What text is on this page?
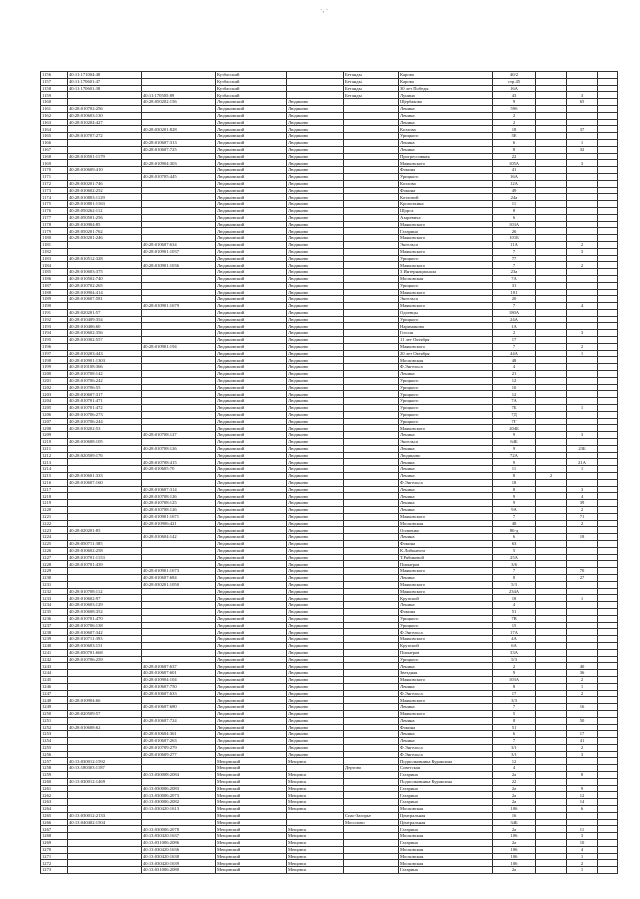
·, ·
1156	40:11:171004:48		Кузбасский		Бетанды	Карова	40/2			
1157	40:11:170601:47		Кузбасский		Бетанды	Карова	стр.45			
1158	40:11:170601:38		Кузбасский		Бетанды	30 лет Победы	16А			
1159		40:11:170505:89	Кузбасский		Бетанды	Лунина	43		3	
1160		40:28:050202:156	Людиновский	Людиново		Щербакова	9		65	
1161	40:28:010702:256		Людиновский	Людиново		Ленина	59б			
1162	40:28:010603:130		Людиновский	Людиново		Ленина	2			
1163	40:28:010204:427		Людиновский	Людиново		Ленина	2			
1164		40:28:030201:828	Людиновский	Людиново		Козлова	18		37	
1165	40:28:010707:272		Людиновский	Людиново		Урицкого	5Е			
1166		40:28:010607:313	Людиновский	Людиново		Ленина	6		1	
1167		40:28:010607:725	Людиновский	Людиново		Ленина	8		32	
1168	40:28:010501:1179		Людиновский	Людиново		Прогрессивная	22			
1169		40:28:010904:303	Людиновский	Людиново		Маяковского	105А		3	
1170	40:28:010609:410		Людиновский	Людиново		Фокина	41			
1171		40:28:010705:445	Людиновский	Людиново		Урицкого	16А			
1172	40:28:030201:746		Людиновский	Людиново		Козлова	12А			
1173	40:28:010602:252		Людиновский	Людиново		Фокина	49			
1174	40:28:010803:1129		Людиновский	Людиново		Козловой	24а			
1175	40:28:010801:1163		Людиновский	Людиново		Кропоткина	11			
1176	40:28:050262:112		Людиновский	Людиново		Щорса	8			
1177	40:28:050501:256		Людиновский	Людиново		Азаревича	6			
1178	40:28:010904:85		Людиновский	Людиново		Маяковского	103А			
1179	40:28:050201:762		Людиновский	Людиново		Гагарина	26			
1180	40:28:030201:246		Людиновский	Людиново		Маяковского	101Б			
1181		40:28:010607:634	Людиновский	Людиново		Энгельса	11А		2	
1182		40:28:010901:1037	Людиновский	Людиново		Маяковского	7		3	
1183	40:28:010512:328		Людиновский	Людиново		Урицкого	77			
1184		40:28:010901:1036	Людиновский	Людиново		Маяковского	7		2	
1185	40:28:010603:375		Людиновский	Людиново		3 Интернационала	23а			
1186	40:28:010502:740		Людиновский	Людиново		Московская	7А			
1187	40:28:010702:265		Людиновский	Людиново		Урицкого	31			
1188	40:28:010904:414		Людиновский	Людиново		Маяковского	101			
1189	40:28:010607:581		Людиновский	Людиново		Энгельса	20			
1190		40:28:010901:1679	Людиновский	Людиново		Маяковского	7		4	
1191	40:28:020201:57		Людиновский	Людиново		Одоевцы	180А			
1192	40:28:010409:354		Людиновский	Людиново		Урицкого	24А			
1193	40:28:010406:60		Людиновский	Людиново		Нариманова	1А			
1194	40:28:010602:356		Людиновский	Людиново		Гоголя	2		3	
1195	40:28:010302:557		Людиновский	Людиново		11 лет Октября	17			
1196		40:28:010901:194	Людиновский	Людиново		Маяковского	7		2	
1197	40:28:010203:443		Людиновский	Людиново		20 лет Октября	44А		1	
1198	40:28:010901:1303		Людиновский	Людиново		Московская	48			
1199	40:28:010108:366		Людиновский	Людиново		Ф.Энгельса	4			
1200	40:28:010708:142		Людиновский	Людиново		Ленина	21			
1201	40:28:010706:242		Людиновский	Людиново		Урицкого	12			
1202	40:28:010706:55		Людиновский	Людиново		Урицкого	10			
1203	40:28:010607:317		Людиновский	Людиново		Урицкого	12			
1204	40:28:010701:471		Людиновский	Людиново		Урицкого	7А			
1205	40:28:010701:472		Людиновский	Людиново		Урицкого	7Б		1	
1206	40:28:010706:273		Людиновский	Людиново		Урицкого	7Д			
1207	40:28:010706:244		Людиновский	Людиново		Урицкого	7Г			
1208	40:28:010202:53		Людиновский	Людиново		Маяковского	204Б			
1209		40:28:010708:127	Людиновский	Людиново		Ленина	9		3	
1210	40:28:010608:105		Людиновский	Людиново		Энгельса	64Б			
1211		40:28:010708:126	Людиновский	Людиново		Ленина	9		23Б	
1212	40:28:020509:176		Людиновский	Людиново		Людиново	72А			
1213		40:28:010708:415	Людиновский	Людиново		Ленина	9		21А	
1214		40:28:010605:70	Людиновский	Людиново		Ленина	11		1	
1215	40:28:010601:333		Людиновский	Людиново		Ленина	8	2		
1216	40:28:010607:160		Людиновский	Людиново		Ф.Энгельса	18			
1217		40:28:010607:314	Людиновский	Людиново		Ленина	8		3	
1218		40:28:010708:126	Людиновский	Людиново		Ленина	9		4	
1219		40:28:010708:125	Людиновский	Людиново		Ленина	9		39	
1220		40:28:010708:126	Людиновский	Людиново		Ленина	9А		2	
1221		40:28:010901:1671	Людиновский	Людиново		Маяковского	7		71	
1222		40:28:010906:421	Людиновский	Людиново		Московская	48		2	
1223	40:28:020201:85		Людиновский	Людиново		Осипенко	86-д			
1224		40:28:010604:142	Людиновский	Людиново		Ленина	6		18	
1225	40:28:050711:385		Людиновский	Людиново		Фокина	63			
1226	40:28:010602:258		Людиновский	Людиново		К.Либкнехта	5			
1227	40:28:010701:1153		Людиновский	Людиново		Т.Рябиковой	25А			
1228	40:28:010701:439		Людиновский	Людиново		Пионеров	3/6			
1229		40:28:010901:1673	Людиновский	Людиново		Маяковского	7		70	
1230		40:28:010607:684	Людиновский	Людиново		Ленина	8		27	
1231		40:28:030201:1050	Людиновский	Людиново		Маяковского	5/3			
1232	40:28:010708:112		Людиновский	Людиново		Маяковского	234А			
1233	40:28:010602:97		Людиновский	Людиново		Крупской	18		1	
1234	40:28:010603:129		Людиновский	Людиново		Ленина	4			
1235	40:28:010608:352		Людиновский	Людиново		Фокина	51			
1236	40:28:010701:470		Людиновский	Людиново		Урицкого	7В			
1237	40:28:010706:138		Людиновский	Людиново		Урицкого	15			
1238	40:28:010607:342		Людиновский	Людиново		Ф.Энгельса	17А			
1239	40:28:010711:393		Людиновский	Людиново		Маяковского	4А			
1240	40:28:010603:151		Людиновский	Людиново		Крупской	6А			
1241	40:28:050701:668		Людиновский	Людиново		Пионеров	33А			
1242	40:28:010706:259		Людиновский	Людиново		Урицкого	5/3			
1243		40:28:010607:637	Людиновский	Людиново		Ленина	2		40	
1244		40:28:010607:601	Людиновский	Людиново		Звездная	9		36	
1245		40:28:010904:104	Людиновский	Людиново		Маяковского	103А		2	
1246		40:28:010607:750	Людиновский	Людиново		Ленина	8		1	
1247		40:28:010607:633	Людиновский	Людиново		Ф.Энгельса	17		2	
1248	40:28:010904:66		Людиновский	Людиново		Маяковского	3/3			
1249		40:28:010607:680	Людиновский	Людиново		Ленина	7		16	
1250	40:28:020509:57		Людиновский	Людиново		Маяковского	5			
1251		40:28:010607:724	Людиновский	Людиново		Ленина	8		50	
1252	40:28:010608:62		Людиновский	Людиново		Фокина	51			
1253		40:28:010604:361	Людиновский	Людиново		Ленина	6		17	
1254		40:28:010607:263	Людиновский	Людиново		Ленина	7		41	
1255		40:28:010709:279	Людиновский	Людиново		Ф.Энгельса	3/1		2	
1256		40:28:010609:277	Людиновский	Людиново		Ф.Энгельса	3/1		3	
1257	40:13:030012:1592		Мещовский	Мещовск		Подполковника Кураксина	12			
1258	40:13:180303:1187		Мещовский		Дертово	Советская	4			
1259		40:13:030008:2084	Мещовский	Мещовск		Гагарина	2а		8	
1260	40:13:030012:1469		Мещовский	Мещовск		Подполковника Кураксина	22			
1261		40:13:030006:2083	Мещовский	Мещовск		Гагарина	2а		9	
1262		40:13:030006:2073	Мещовский	Мещовск		Гагарина	2а		12	
1263		40:13:030006:2082	Мещовский	Мещовск		Гагарина	2а		14	
1264		40:13:030420:1613	Мещовский	Мещовск		Московская	106		6	
1265	40:13:030012:2133		Мещовский		Спас-Загорье	Центральная	16			
1266	40:13:040402:1504		Мещовский		Мосолово	Центральная	34Б			
1267		40:13:030006:2078	Мещовский	Мещовск		Гагарина	2а		11	
1268		40:13:030420:1637	Мещовский	Мещовск		Московская	106		3	
1269		40:13:031006:2086	Мещовский	Мещовск		Гагарина	2а		10	
1270		40:13:030420:1636	Мещовский	Мещовск		Московская	106		4	
1271		40:13:030420:1638	Мещовский	Мещовск		Московская	106		1	
1272		40:13:030420:1639	Мещовский	Мещовск		Московская	106		2	
1273		40:13:031006:2080	Мещовский	Мещовск		Гагарина	2а		1	
